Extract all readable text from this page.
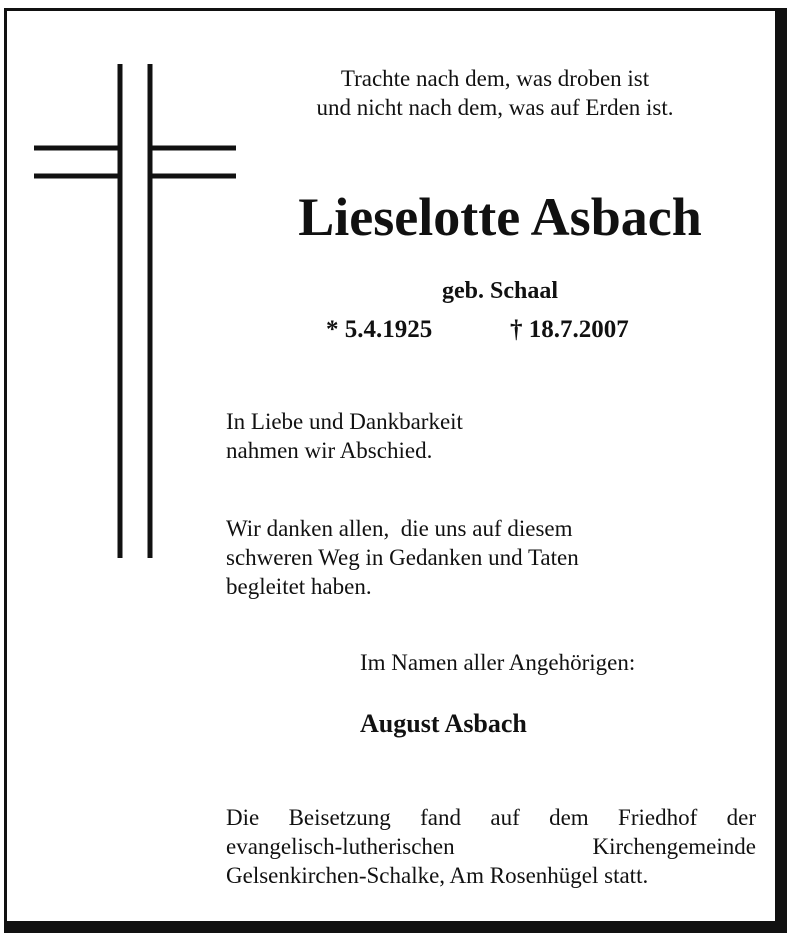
Trachte nach dem, was droben ist
und nicht nach dem, was auf Erden ist.

Lieselotte Asbach

geb. Schaal

* 5.4.1925	† 18.7.2007

In Liebe und Dankbarkeit
nahmen wir Abschied.

Wir danken allen,  die uns auf diesem
schweren Weg in Gedanken und Taten
begleitet haben.

Im Namen aller Angehörigen:

August Asbach

Die Beisetzung fand auf dem Friedhof der
evangelisch-lutherischen Kirchengemeinde
Gelsenkirchen-Schalke, Am Rosenhügel statt.
